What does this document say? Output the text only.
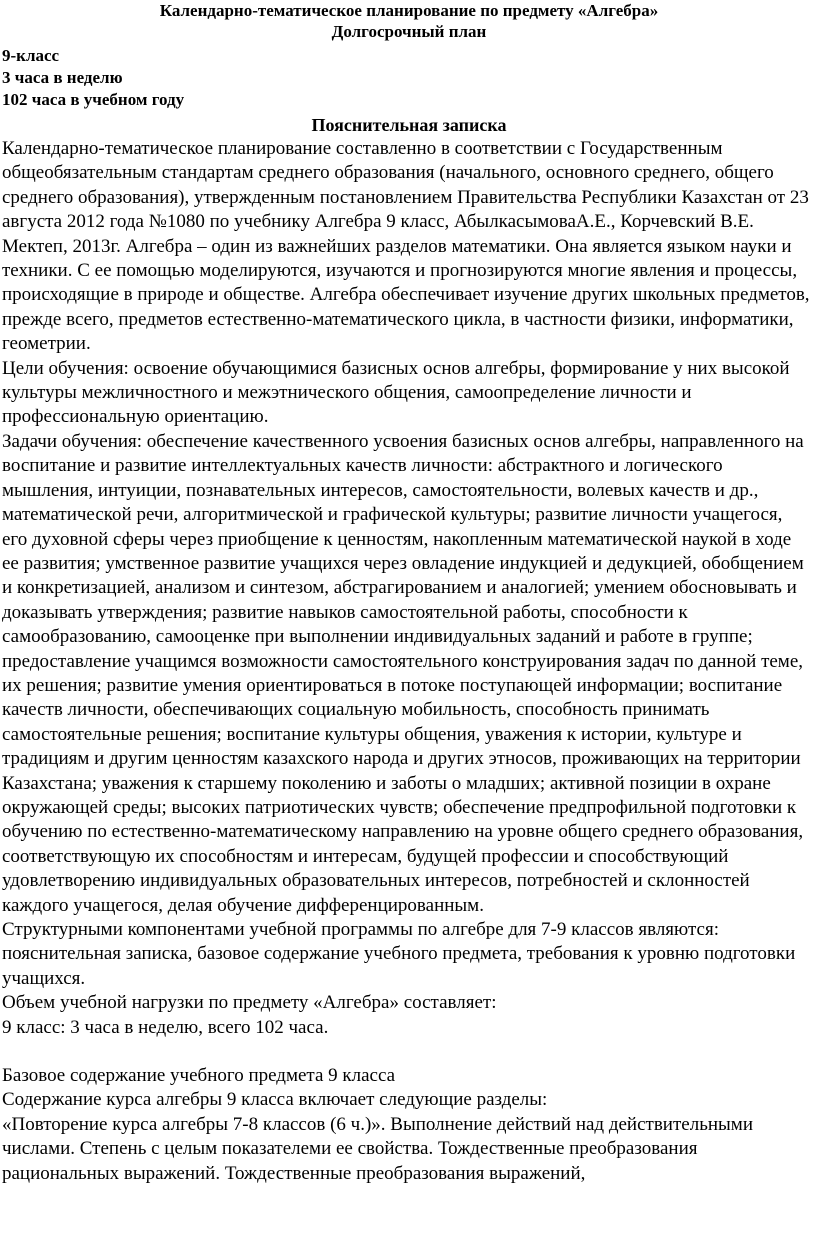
Календарно-тематическое планирование по предмету «Алгебра»
Долгосрочный план
9-класс
3 часа в неделю
102 часа в учебном году
Пояснительная записка

Календарно-тематическое планирование составленно в соответствии с Государственным общеобязательным стандартам среднего образования (начального, основного среднего, общего среднего образования), утвержденным постановлением Правительства Республики Казахстан от 23 августа 2012 года №1080 по учебнику Алгебра 9 класс, АбылкасымоваА.Е., Корчевский В.Е. Мектеп, 2013г. Алгебра – один из важнейших разделов математики. Она является языком науки и техники. С ее помощью моделируются, изучаются и прогнозируются многие явления и процессы, происходящие в природе и обществе. Алгебра обеспечивает изучение других школьных предметов, прежде всего, предметов естественно-математического цикла, в частности физики, информатики, геометрии.

Цели обучения: освоение обучающимися базисных основ алгебры, формирование у них высокой культуры межличностного и межэтнического общения, самоопределение личности и профессиональную ориентацию.

Задачи обучения: обеспечение качественного усвоения базисных основ алгебры, направленного на воспитание и развитие интеллектуальных качеств личности: абстрактного и логического мышления, интуиции, познавательных интересов, самостоятельности, волевых качеств и др., математической речи, алгоритмической и графической культуры; развитие личности учащегося, его духовной сферы через приобщение к ценностям, накопленным математической наукой в ходе ее развития; умственное развитие учащихся через овладение индукцией и дедукцией, обобщением и конкретизацией, анализом и синтезом, абстрагированием и аналогией; умением обосновывать и доказывать утверждения; развитие навыков самостоятельной работы, способности к самообразованию, самооценке при выполнении индивидуальных заданий и работе в группе; предоставление учащимся возможности самостоятельного конструирования задач по данной теме, их решения; развитие умения ориентироваться в потоке поступающей информации; воспитание качеств личности, обеспечивающих социальную мобильность, способность принимать самостоятельные решения; воспитание культуры общения, уважения к истории, культуре и традициям и другим ценностям казахского народа и других этносов, проживающих на территории Казахстана; уважения к старшему поколению и заботы о младших; активной позиции в охране окружающей среды; высоких патриотических чувств; обеспечение предпрофильной подготовки к обучению по естественно-математическому направлению на уровне общего среднего образования, соответствующую их способностям и интересам, будущей профессии и способствующий удовлетворению индивидуальных образовательных интересов, потребностей и склонностей каждого учащегося, делая обучение дифференцированным.

Структурными компонентами учебной программы по алгебре для 7-9 классов являются: пояснительная записка, базовое содержание учебного предмета, требования к уровню подготовки учащихся.

Объем учебной нагрузки по предмету «Алгебра» составляет:

9 класс: 3 часа в неделю, всего 102 часа.

Базовое содержание учебного предмета 9 класса

Содержание курса алгебры 9 класса включает следующие разделы:

«Повторение курса алгебры 7-8 классов (6 ч.)». Выполнение действий над действительными числами. Степень с целым показателеми ее свойства. Тождественные преобразования рациональных выражений. Тождественные преобразования выражений,
